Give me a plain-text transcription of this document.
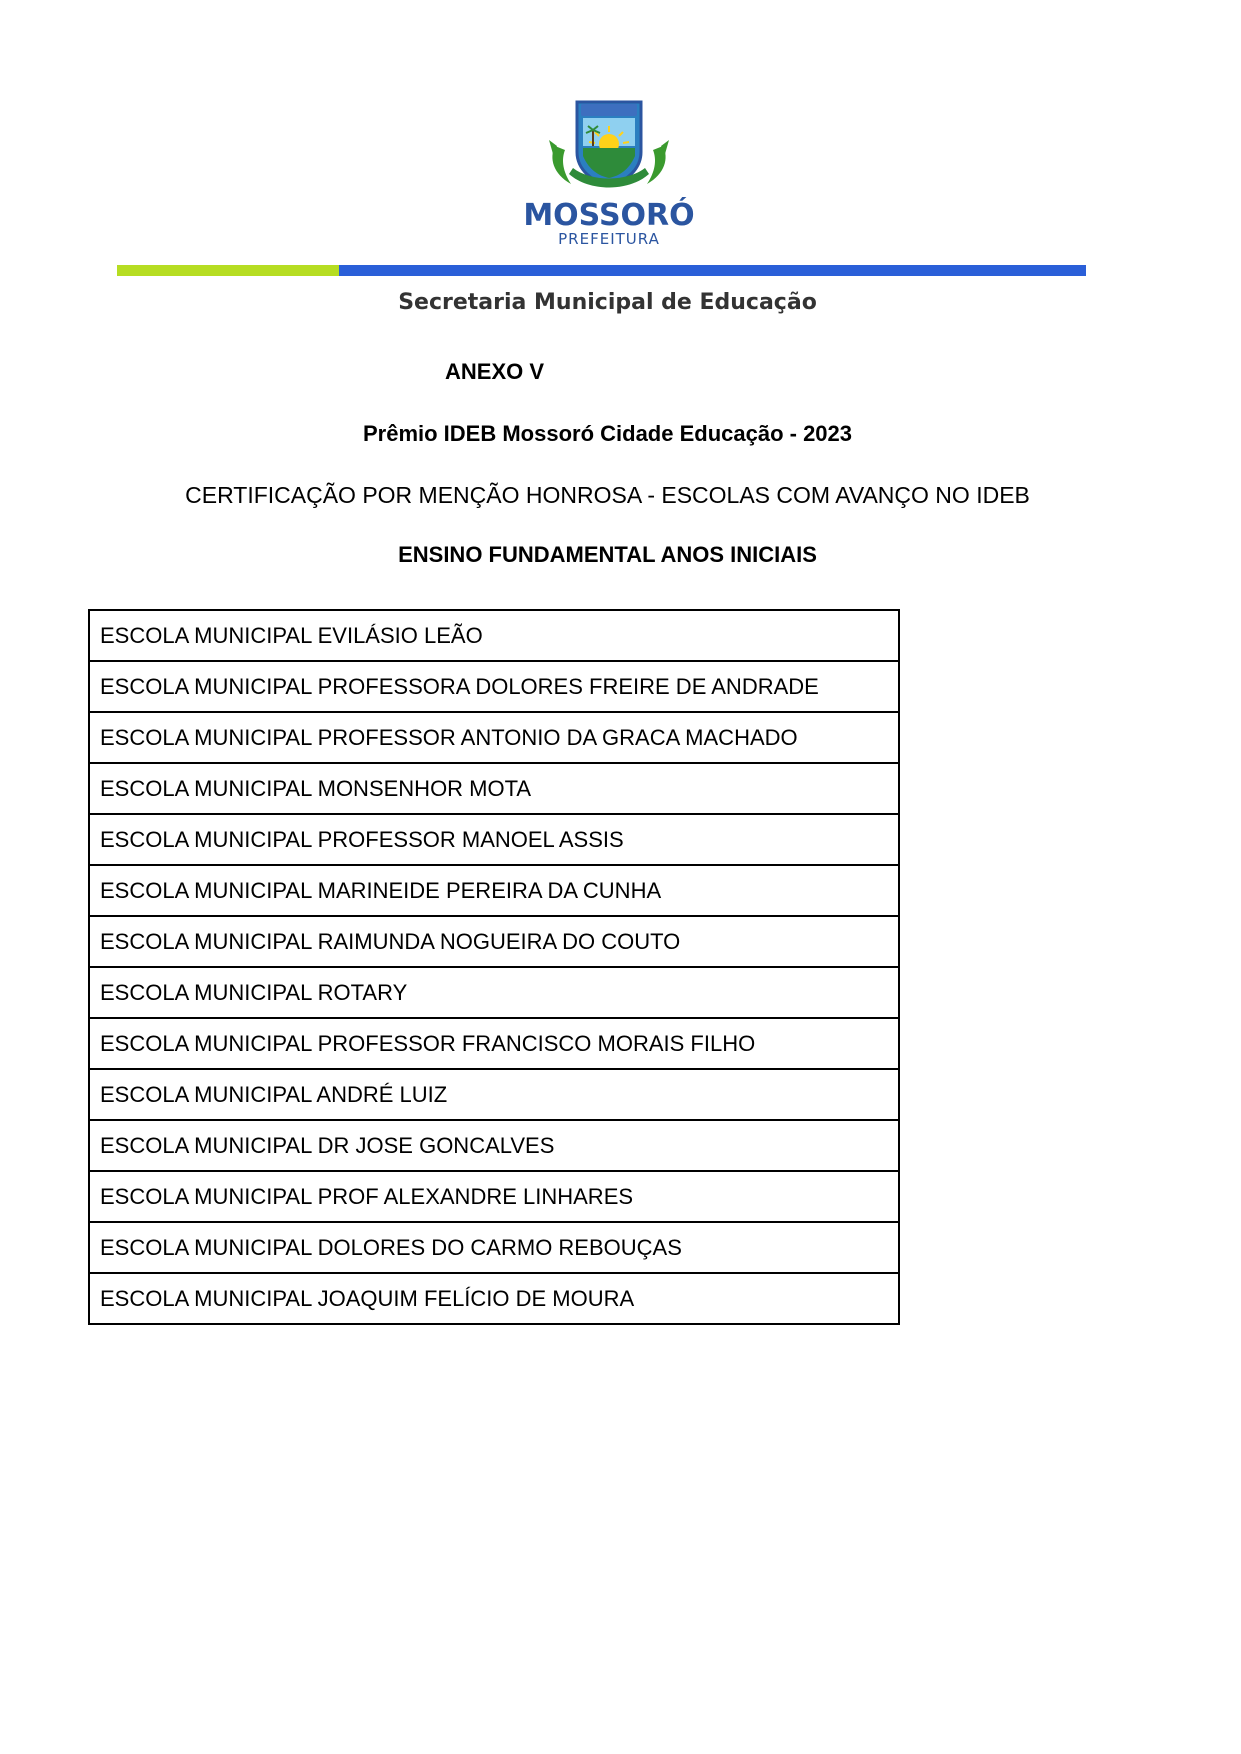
MOSSORÓ
PREFEITURA
Secretaria Municipal de Educação
ANEXO V
Prêmio IDEB Mossoró Cidade Educação - 2023
CERTIFICAÇÃO POR MENÇÃO HONROSA - ESCOLAS COM AVANÇO NO IDEB
ENSINO FUNDAMENTAL ANOS INICIAIS
ESCOLA MUNICIPAL EVILÁSIO LEÃO
ESCOLA MUNICIPAL PROFESSORA DOLORES FREIRE DE ANDRADE
ESCOLA MUNICIPAL PROFESSOR ANTONIO DA GRACA MACHADO
ESCOLA MUNICIPAL MONSENHOR MOTA
ESCOLA MUNICIPAL PROFESSOR MANOEL ASSIS
ESCOLA MUNICIPAL MARINEIDE PEREIRA DA CUNHA
ESCOLA MUNICIPAL RAIMUNDA NOGUEIRA DO COUTO
ESCOLA MUNICIPAL ROTARY
ESCOLA MUNICIPAL PROFESSOR FRANCISCO MORAIS FILHO
ESCOLA MUNICIPAL ANDRÉ LUIZ
ESCOLA MUNICIPAL DR JOSE GONCALVES
ESCOLA MUNICIPAL PROF ALEXANDRE LINHARES
ESCOLA MUNICIPAL DOLORES DO CARMO REBOUÇAS
ESCOLA MUNICIPAL JOAQUIM FELÍCIO DE MOURA
